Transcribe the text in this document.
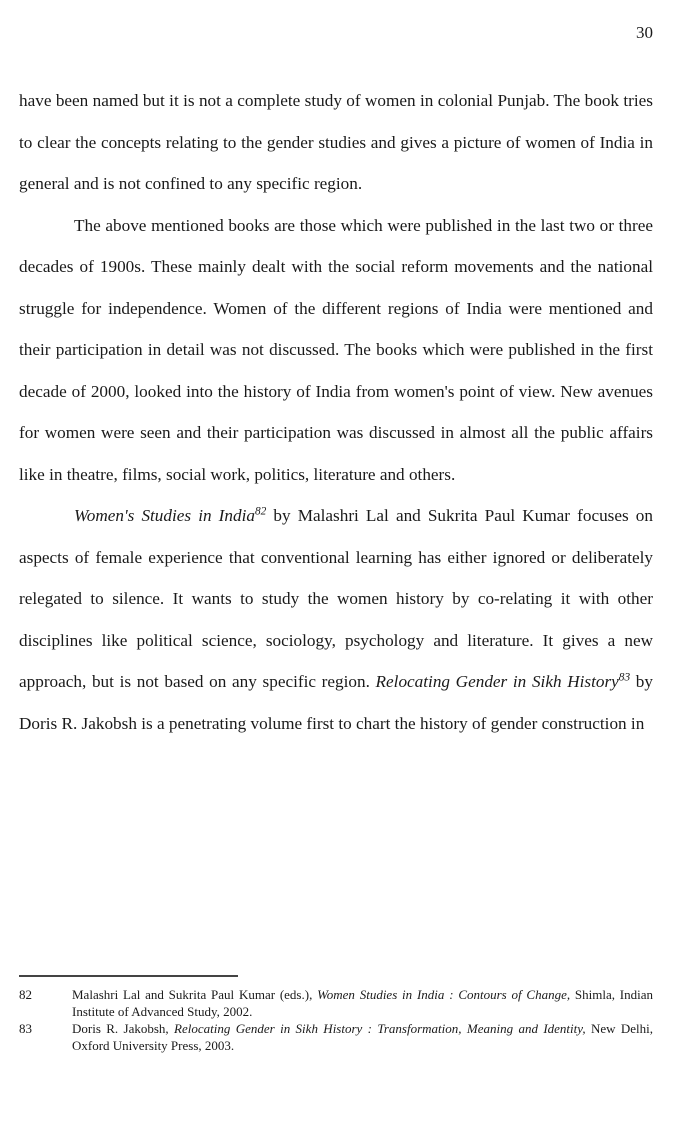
30

have been named but it is not a complete study of women in colonial Punjab. The book tries to clear the concepts relating to the gender studies and gives a picture of women of India in general and is not confined to any specific region.

The above mentioned books are those which were published in the last two or three decades of 1900s. These mainly dealt with the social reform movements and the national struggle for independence. Women of the different regions of India were mentioned and their participation in detail was not discussed. The books which were published in the first decade of 2000, looked into the history of India from women's point of view. New avenues for women were seen and their participation was discussed in almost all the public affairs like in theatre, films, social work, politics, literature and others.

Women's Studies in India$^{82}$ by Malashri Lal and Sukrita Paul Kumar focuses on aspects of female experience that conventional learning has either ignored or deliberately relegated to silence. It wants to study the women history by co-relating it with other disciplines like political science, sociology, psychology and literature. It gives a new approach, but is not based on any specific region. Relocating Gender in Sikh History$^{83}$ by Doris R. Jakobsh is a penetrating volume first to chart the history of gender construction in

82	Malashri Lal and Sukrita Paul Kumar (eds.), Women Studies in India : Contours of Change, Shimla, Indian Institute of Advanced Study, 2002.
83	Doris R. Jakobsh, Relocating Gender in Sikh History : Transformation, Meaning and Identity, New Delhi, Oxford University Press, 2003.
